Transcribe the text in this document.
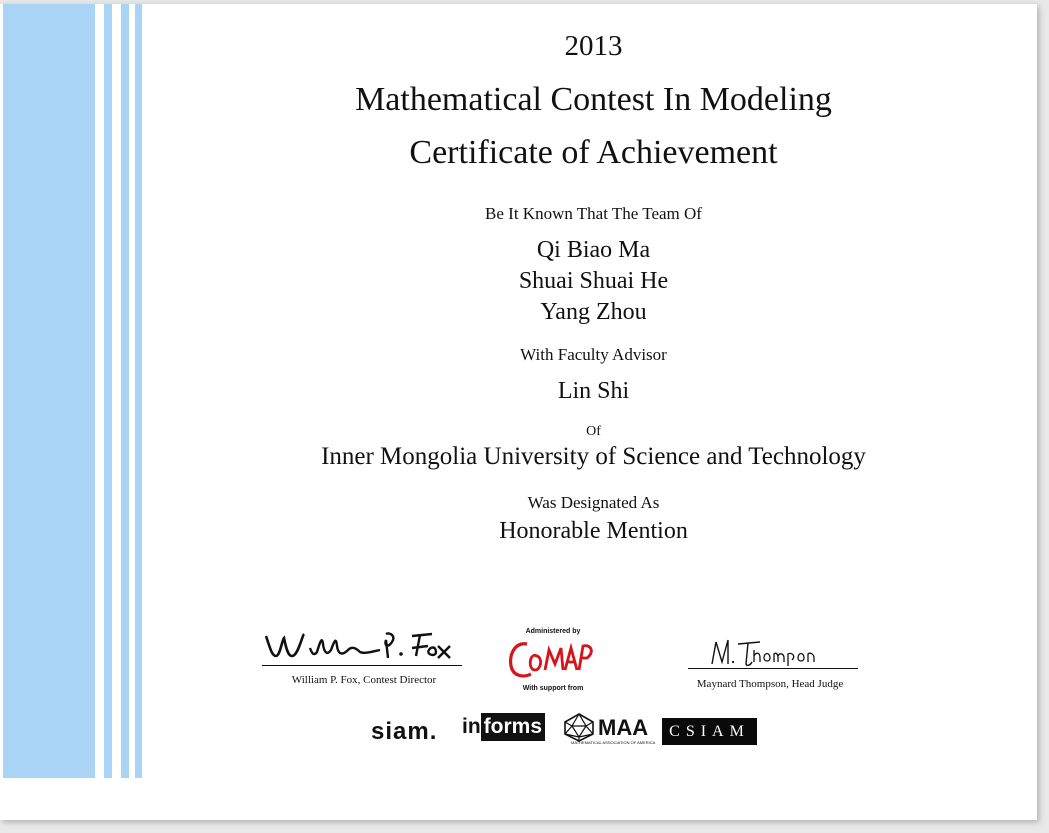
2013
Mathematical Contest In Modeling
Certificate of Achievement
Be It Known That The Team Of
Qi Biao Ma
Shuai Shuai He
Yang Zhou
With Faculty Advisor
Lin Shi
Of
Inner Mongolia University of Science and Technology
Was Designated As
Honorable Mention
William P. Fox, Contest Director
Administered by
With support from	Maynard Thompson, Head Judge
siam. in forms	MAA
MATHEMATICAL ASSOCIATION OF AMERICA
CSIAM
